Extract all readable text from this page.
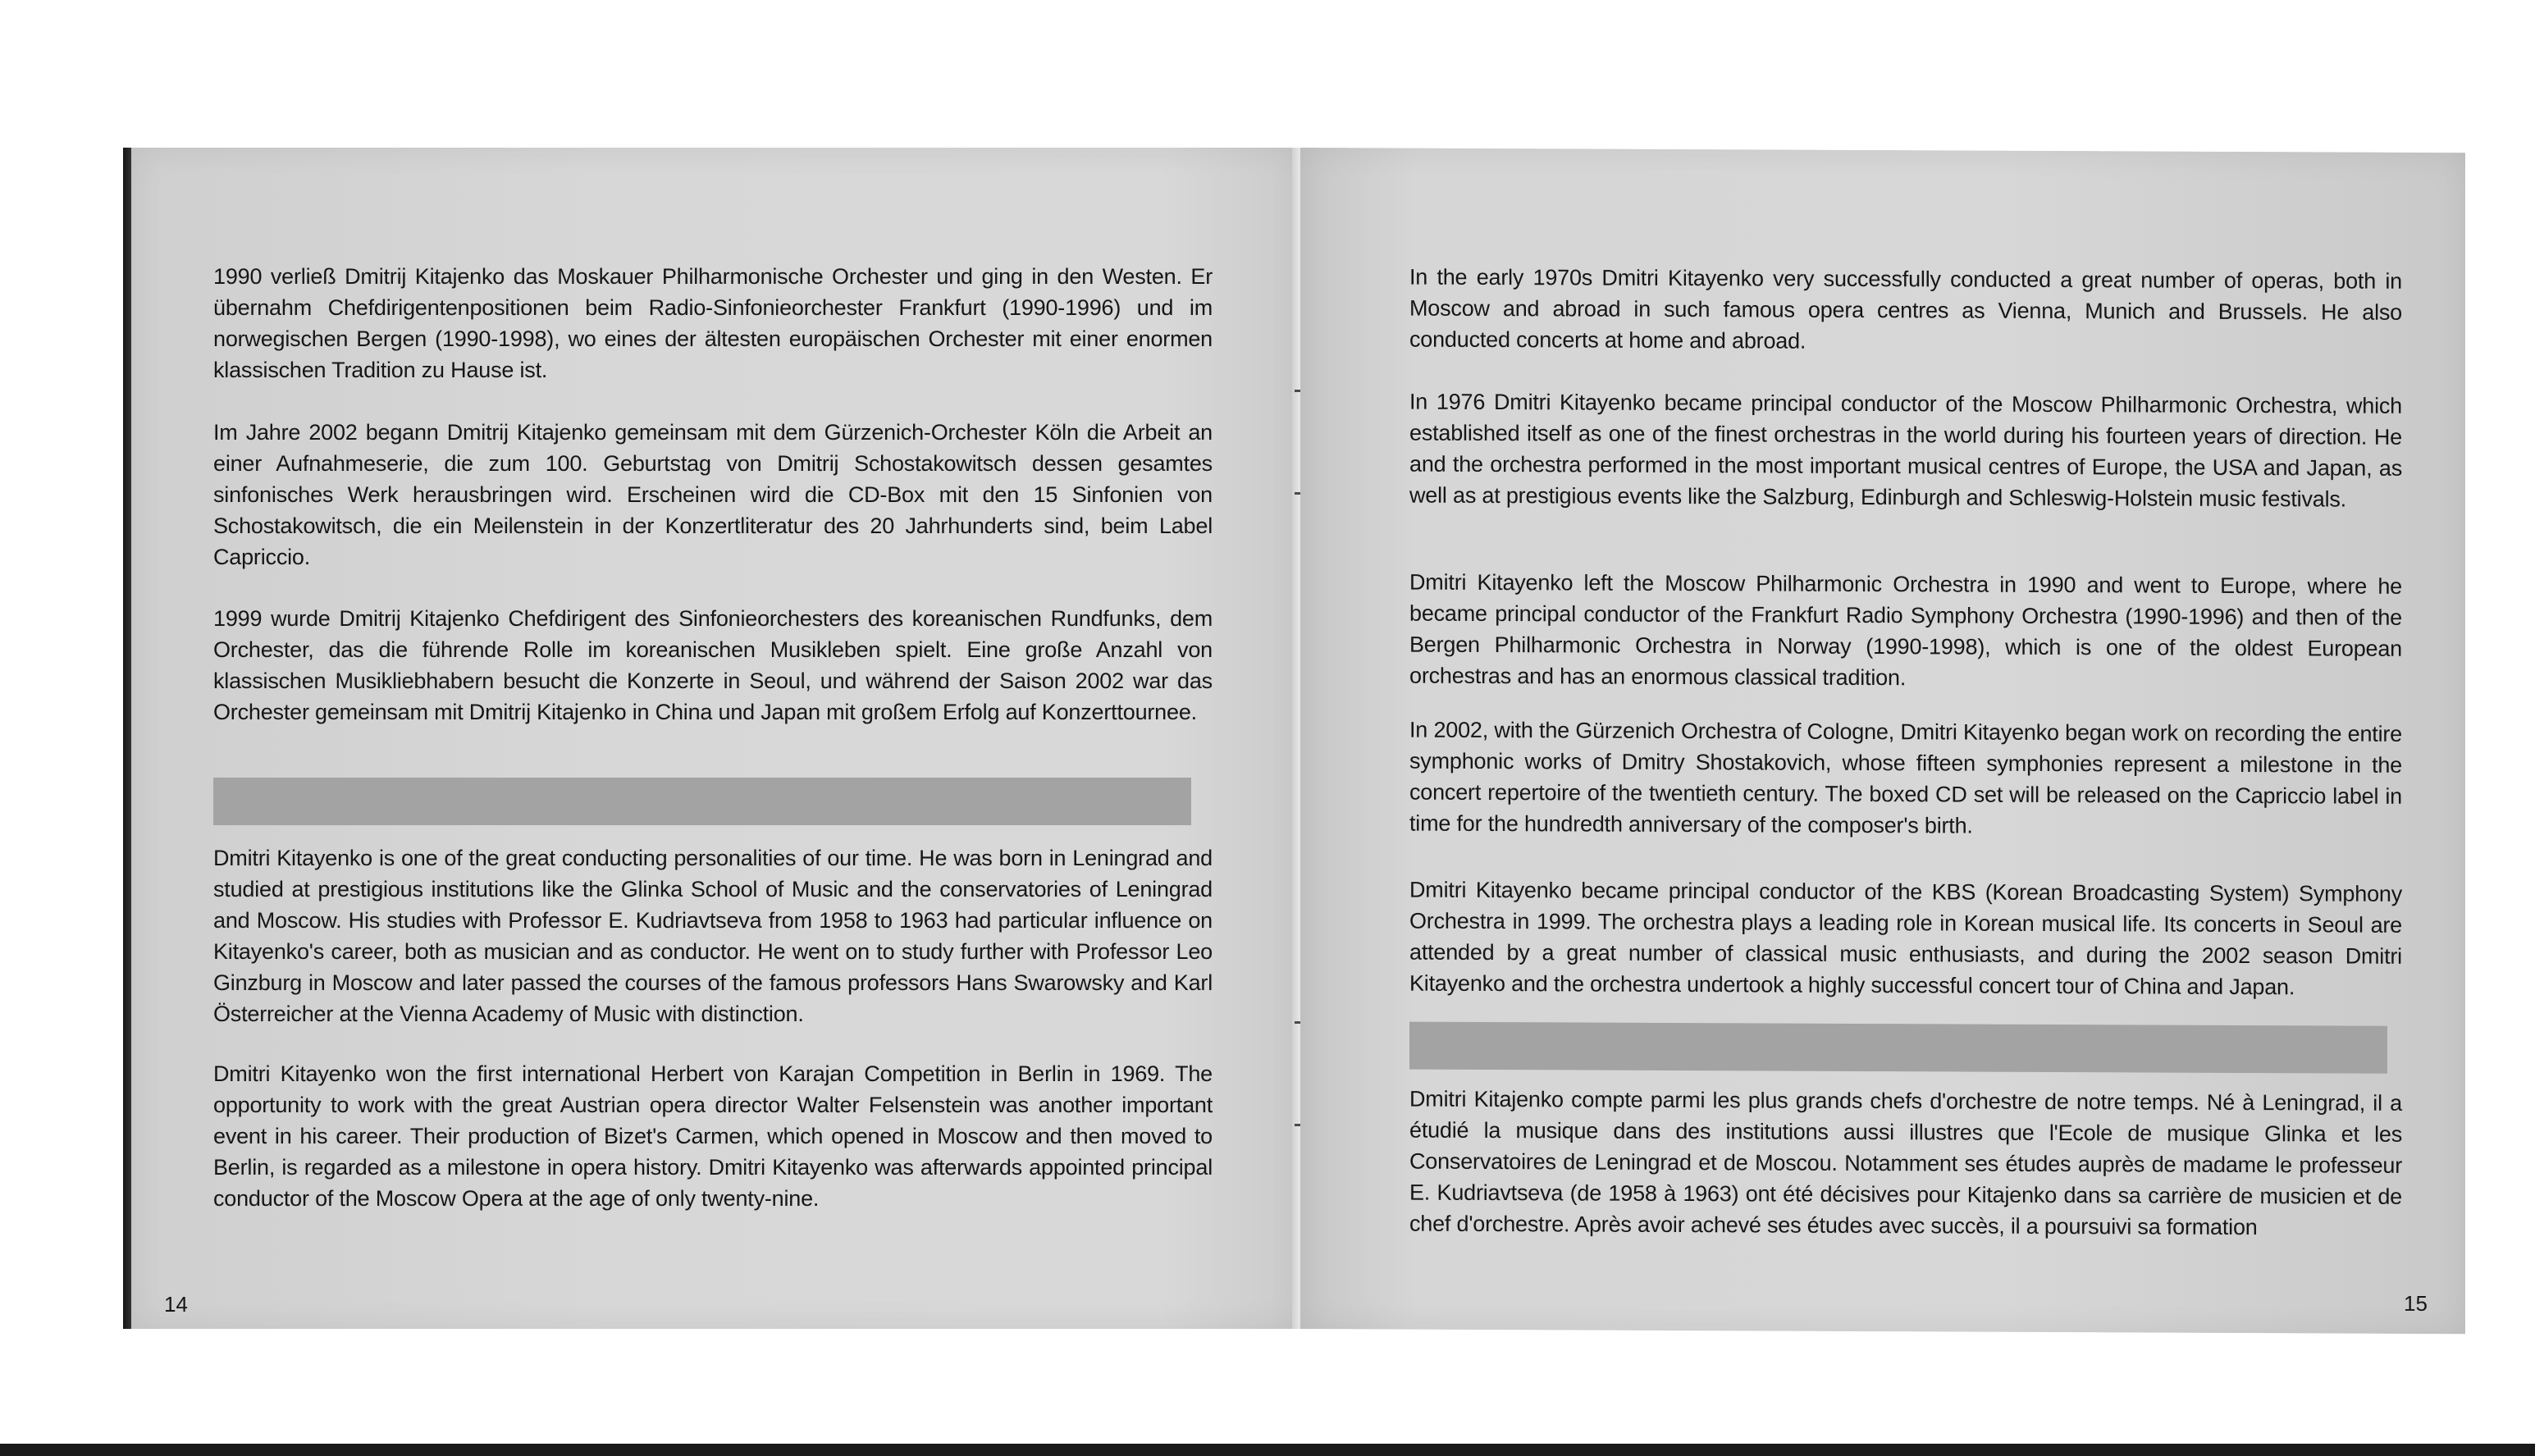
1990 verließ Dmitrij Kitajenko das Moskauer Philharmonische Orchester und ging in den Westen. Er übernahm Chefdirigentenpositionen beim Radio-Sinfonieorchester Frankfurt (1990-1996) und im norwegischen Bergen (1990-1998), wo eines der ältesten europäischen Orchester mit einer enormen klassischen Tradition zu Hause ist.

Im Jahre 2002 begann Dmitrij Kitajenko gemeinsam mit dem Gürzenich-Orchester Köln die Arbeit an einer Aufnahmeserie, die zum 100. Geburtstag von Dmitrij Schostakowitsch dessen gesamtes sinfonisches Werk herausbringen wird. Erscheinen wird die CD-Box mit den 15 Sinfonien von Schostakowitsch, die ein Meilenstein in der Konzertliteratur des 20 Jahrhunderts sind, beim Label Capriccio.

1999 wurde Dmitrij Kitajenko Chefdirigent des Sinfonieorchesters des koreanischen Rundfunks, dem Orchester, das die führende Rolle im koreanischen Musikleben spielt. Eine große Anzahl von klassischen Musikliebhabern besucht die Konzerte in Seoul, und während der Saison 2002 war das Orchester gemeinsam mit Dmitrij Kitajenko in China und Japan mit großem Erfolg auf Konzerttournee.

Dmitri Kitayenko is one of the great conducting personalities of our time. He was born in Leningrad and studied at prestigious institutions like the Glinka School of Music and the conservatories of Leningrad and Moscow. His studies with Professor E. Kudriavtseva from 1958 to 1963 had particular influence on Kitayenko's career, both as musician and as conductor. He went on to study further with Professor Leo Ginzburg in Moscow and later passed the courses of the famous professors Hans Swarowsky and Karl Österreicher at the Vienna Academy of Music with distinction.

Dmitri Kitayenko won the first international Herbert von Karajan Competition in Berlin in 1969. The opportunity to work with the great Austrian opera director Walter Felsenstein was another important event in his career. Their production of Bizet's Carmen, which opened in Moscow and then moved to Berlin, is regarded as a milestone in opera history. Dmitri Kitayenko was afterwards appointed principal conductor of the Moscow Opera at the age of only twenty-nine.

14

In the early 1970s Dmitri Kitayenko very successfully conducted a great number of operas, both in Moscow and abroad in such famous opera centres as Vienna, Munich and Brussels. He also conducted concerts at home and abroad.

In 1976 Dmitri Kitayenko became principal conductor of the Moscow Philharmonic Orchestra, which established itself as one of the finest orchestras in the world during his fourteen years of direction. He and the orchestra performed in the most important musical centres of Europe, the USA and Japan, as well as at prestigious events like the Salzburg, Edinburgh and Schleswig-Holstein music festivals.

Dmitri Kitayenko left the Moscow Philharmonic Orchestra in 1990 and went to Europe, where he became principal conductor of the Frankfurt Radio Symphony Orchestra (1990-1996) and then of the Bergen Philharmonic Orchestra in Norway (1990-1998), which is one of the oldest European orchestras and has an enormous classical tradition.

In 2002, with the Gürzenich Orchestra of Cologne, Dmitri Kitayenko began work on recording the entire symphonic works of Dmitry Shostakovich, whose fifteen symphonies represent a milestone in the concert repertoire of the twentieth century. The boxed CD set will be released on the Capriccio label in time for the hundredth anniversary of the composer's birth.

Dmitri Kitayenko became principal conductor of the KBS (Korean Broadcasting System) Symphony Orchestra in 1999. The orchestra plays a leading role in Korean musical life. Its concerts in Seoul are attended by a great number of classical music enthusiasts, and during the 2002 season Dmitri Kitayenko and the orchestra undertook a highly successful concert tour of China and Japan.

Dmitri Kitajenko compte parmi les plus grands chefs d'orchestre de notre temps. Né à Leningrad, il a étudié la musique dans des institutions aussi illustres que l'Ecole de musique Glinka et les Conservatoires de Leningrad et de Moscou. Notamment ses études auprès de madame le professeur E. Kudriavtseva (de 1958 à 1963) ont été décisives pour Kitajenko dans sa carrière de musicien et de chef d'orchestre. Après avoir achevé ses études avec succès, il a poursuivi sa formation

15
